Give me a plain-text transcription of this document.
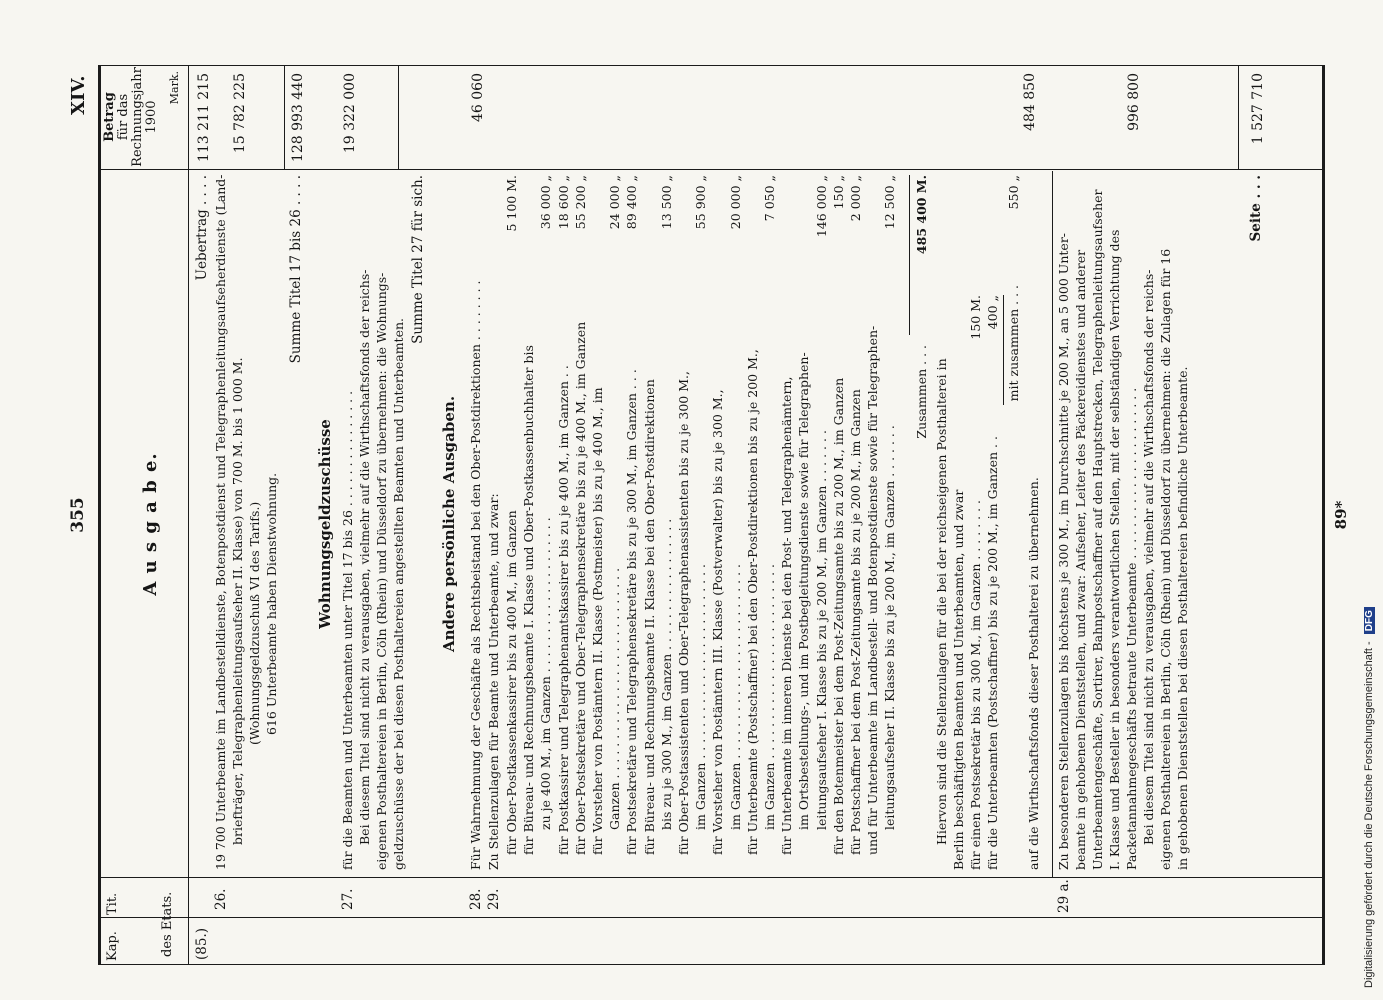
355
XIV.
Kap.
Tit.	des Etats.
A u s g a b e.
Betrag für das Rechnungsjahr 1900
Mark.
(85.)
Uebertrag . . . .
113 211 215
26.
19 700 Unterbeamte im Landbestelldienste, Botenpostdienst und Telegraphenleitungsaufseherdienste (Land- briefträger, Telegraphenleitungsaufseher II. Klasse) von 700 M. bis 1 000 M. (Wohnungsgeldzuschuß VI des Tarifs.) 616 Unterbeamte haben Dienstwohnung.
15 782 225
Summe Titel 17 bis 26 . . . .
128 993 440
Wohnungsgeldzuschüsse
27.
für die Beamten und Unterbeamten unter Titel 17 bis 26 . . . . . . . . . . . . . . . Bei diesem Titel sind nicht zu verausgaben, vielmehr auf die Wirthschaftsfonds der reichs- eigenen Posthaltereien in Berlin, Cöln (Rhein) und Düsseldorf zu übernehmen: die Wohnungs- geldzuschüsse der bei diesen Posthaltereien angestellten Beamten und Unterbeamten.
19 322 000
Summe Titel 27 für sich.
Andere persönliche Ausgaben.
28.
Für Wahrnehmung der Geschäfte als Rechtsbeistand bei den Ober-Postdirektionen . . . . . . . .
46 060
29.
Zu Stellenzulagen für Beamte und Unterbeamte, und zwar: für Ober-Postkassenkassirer bis zu 400 M., im Ganzen
5 100 M.
für Büreau- und Rechnungsbeamte I. Klasse und Ober-Postkassenbuchhalter bis zu je 400 M., im Ganzen . . . . . . . . . . . . . . . . . . . .
36 000 „
für Postkassirer und Telegraphenamtskassirer bis zu je 400 M., im Ganzen . .
18 600 „
für Ober-Postsekretäre und Ober-Telegraphensekretäre bis zu je 400 M., im Ganzen
55 200 „
für Vorsteher von Postämtern II. Klasse (Postmeister) bis zu je 400 M., im Ganzen . . . . . . . . . . . . . . . . . . . . . . . . . . .
24 000 „
für Postsekretäre und Telegraphensekretäre bis zu je 300 M., im Ganzen . . .
89 400 „
für Büreau- und Rechnungsbeamte II. Klasse bei den Ober-Postdirektionen bis zu je 300 M., im Ganzen . . . . . . . . . . . . . . . . .
13 500 „
für Ober-Postassistenten und Ober-Telegraphenassistenten bis zu je 300 M., im Ganzen . . . . . . . . . . . . . . . . . . . . . . . . .
55 900 „
für Vorsteher von Postämtern III. Klasse (Postverwalter) bis zu je 300 M., im Ganzen . . . . . . . . . . . . . . . . . . . . . . . . .
20 000 „
für Unterbeamte (Postschaffner) bei den Ober-Postdirektionen bis zu je 200 M., im Ganzen . . . . . . . . . . . . . . . . . . . . . . . . .
7 050 „
für Unterbeamte im inneren Dienste bei den Post- und Telegraphenämtern, im Ortsbestellungs-, und im Postbegleitungsdienste sowie für Telegraphen- leitungsaufseher I. Klasse bis zu je 200 M., im Ganzen . . . . . . .
146 000 „
für den Botenmeister bei dem Post-Zeitungsamte bis zu 200 M., im Ganzen
150 „
für Postschaffner bei dem Post-Zeitungsamte bis zu je 200 M., im Ganzen
2 000 „
und für Unterbeamte im Landbestell- und Botenpostdienste sowie für Telegraphen- leitungsaufseher II. Klasse bis zu je 200 M., im Ganzen . . . . . . .
12 500 „
Zusammen . . .
485 400 M.
Hiervon sind die Stellenzulagen für die bei der reichseigenen Posthalterei in Berlin beschäftigten Beamten und Unterbeamten, und zwar für einen Postsekretär bis zu 300 M., im Ganzen . . . . . . . . für die Unterbeamten (Postschaffner) bis zu je 200 M., im Ganzen . .
150 M. 400 „ mit zusammen . . .
550 „
auf die Wirthschaftsfonds dieser Posthalterei zu übernehmen.
484 850
29 a.
Zu besonderen Stellenzulagen bis höchstens je 300 M., im Durchschnitte je 200 M., an 5 000 Unter- beamte in gehobenen Dienststellen, und zwar: Aufseher, Leiter des Päckereidienstes und anderer Unterbeamtengeschäfte, Sortirer, Bahnpostschaffner auf den Hauptstrecken, Telegraphenleitungsaufseher I. Klasse und Besteller in besonders verantwortlichen Stellen, mit der selbständigen Verrichtung des Packetannahmegeschäfts betraute Unterbeamte . . . . . . . . . . . . . . . . . . . . . . Bei diesem Titel sind nicht zu verausgaben, vielmehr auf die Wirthschaftsfonds der reichs- eigenen Posthaltereien in Berlin, Cöln (Rhein) und Düsseldorf zu übernehmen: die Zulagen für 16 in gehobenen Dienststellen bei diesen Posthaltereien befindliche Unterbeamte.
996 800
Seite . . .
1 527 710
89*
Digitalisierung gefördert durch die Deutsche Forschungsgemeinschaft - DFG
